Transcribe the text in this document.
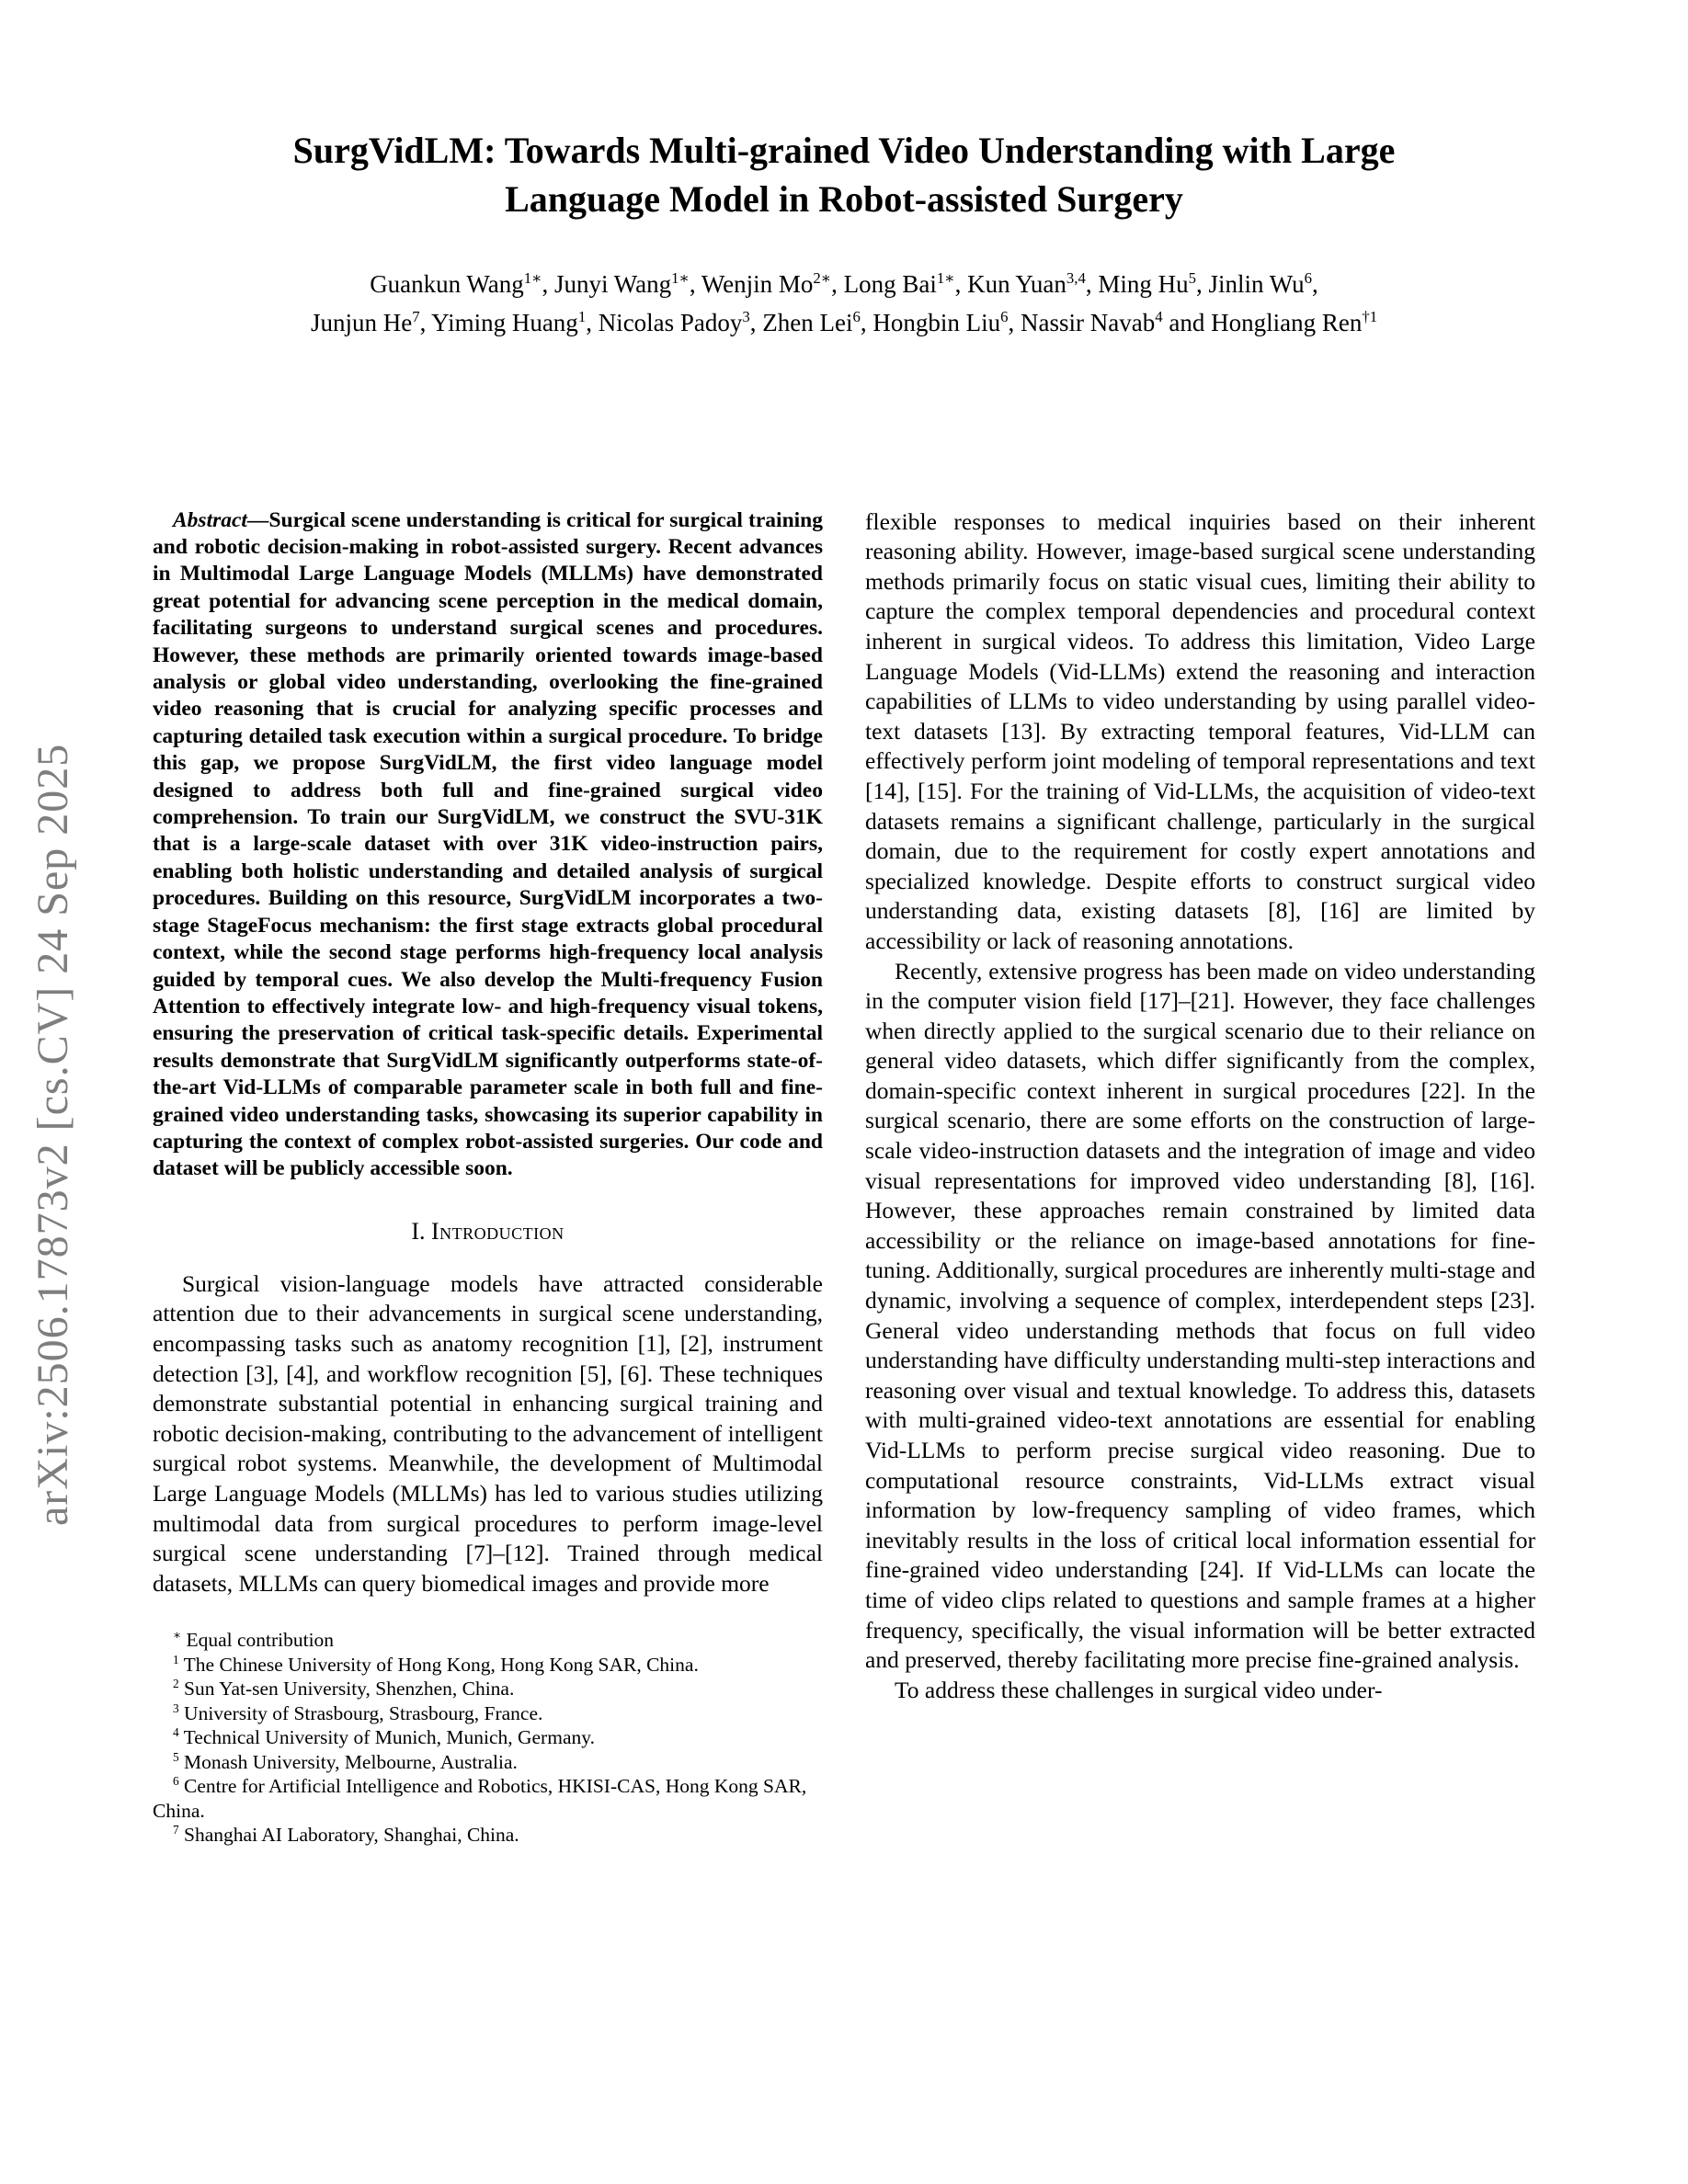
arXiv:2506.17873v2 [cs.CV] 24 Sep 2025
SurgVidLM: Towards Multi-grained Video Understanding with Large Language Model in Robot-assisted Surgery
Guankun Wang$^{1∗}$, Junyi Wang$^{1∗}$, Wenjin $Mo^{2∗}$, Long Bai$^{1∗}$, Kun Yuan$^{3,4}$, Ming Hu$^5$, Jinlin Wu$^6$,
Junjun He$^7$, Yiming Huang$^1$, Nicolas Padoy$^3$, Zhen Lei$^6$, Hongbin Liu$^6$, Nassir Navab$^4$ and Hongliang Ren$^{\dagger 1}$

Abstract—Surgical scene understanding is critical for surgical training and robotic decision-making in robot-assisted surgery. Recent advances in Multimodal Large Language Models (MLLMs) have demonstrated great potential for advancing scene perception in the medical domain, facilitating surgeons to understand surgical scenes and procedures. However, these methods are primarily oriented towards image-based analysis or global video understanding, overlooking the fine-grained video reasoning that is crucial for analyzing specific processes and capturing detailed task execution within a surgical procedure. To bridge this gap, we propose SurgVidLM, the first video language model designed to address both full and fine-grained surgical video comprehension. To train our SurgVidLM, we construct the SVU-31K that is a large-scale dataset with over 31K video-instruction pairs, enabling both holistic understanding and detailed analysis of surgical procedures. Building on this resource, SurgVidLM incorporates a two-stage StageFocus mechanism: the first stage extracts global procedural context, while the second stage performs high-frequency local analysis guided by temporal cues. We also develop the Multi-frequency Fusion Attention to effectively integrate low- and high-frequency visual tokens, ensuring the preservation of critical task-specific details. Experimental results demonstrate that SurgVidLM significantly outperforms state-of-the-art Vid-LLMs of comparable parameter scale in both full and fine-grained video understanding tasks, showcasing its superior capability in capturing the context of complex robot-assisted surgeries. Our code and dataset will be publicly accessible soon.

I. Introduction

Surgical vision-language models have attracted considerable attention due to their advancements in surgical scene understanding, encompassing tasks such as anatomy recognition [1], [2], instrument detection [3], [4], and workflow recognition [5], [6]. These techniques demonstrate substantial potential in enhancing surgical training and robotic decision-making, contributing to the advancement of intelligent surgical robot systems. Meanwhile, the development of Multimodal Large Language Models (MLLMs) has led to various studies utilizing multimodal data from surgical procedures to perform image-level surgical scene understanding [7]–[12]. Trained through medical datasets, MLLMs can query biomedical images and provide more

∗ Equal contribution
$^1$ The Chinese University of Hong Kong, Hong Kong SAR, China.
$^2$ Sun Yat-sen University, Shenzhen, China.
$^3$ University of Strasbourg, Strasbourg, France.
$^4$ Technical University of Munich, Munich, Germany.
$^5$ Monash University, Melbourne, Australia.
$^6$ Centre for Artificial Intelligence and Robotics, HKISI-CAS, Hong Kong SAR, China.
$^7$ Shanghai AI Laboratory, Shanghai, China.

flexible responses to medical inquiries based on their inherent reasoning ability. However, image-based surgical scene understanding methods primarily focus on static visual cues, limiting their ability to capture the complex temporal dependencies and procedural context inherent in surgical videos. To address this limitation, Video Large Language Models (Vid-LLMs) extend the reasoning and interaction capabilities of LLMs to video understanding by using parallel video-text datasets [13]. By extracting temporal features, Vid-LLM can effectively perform joint modeling of temporal representations and text [14], [15]. For the training of Vid-LLMs, the acquisition of video-text datasets remains a significant challenge, particularly in the surgical domain, due to the requirement for costly expert annotations and specialized knowledge. Despite efforts to construct surgical video understanding data, existing datasets [8], [16] are limited by accessibility or lack of reasoning annotations.

Recently, extensive progress has been made on video understanding in the computer vision field [17]–[21]. However, they face challenges when directly applied to the surgical scenario due to their reliance on general video datasets, which differ significantly from the complex, domain-specific context inherent in surgical procedures [22]. In the surgical scenario, there are some efforts on the construction of large-scale video-instruction datasets and the integration of image and video visual representations for improved video understanding [8], [16]. However, these approaches remain constrained by limited data accessibility or the reliance on image-based annotations for fine-tuning. Additionally, surgical procedures are inherently multi-stage and dynamic, involving a sequence of complex, interdependent steps [23]. General video understanding methods that focus on full video understanding have difficulty understanding multi-step interactions and reasoning over visual and textual knowledge. To address this, datasets with multi-grained video-text annotations are essential for enabling Vid-LLMs to perform precise surgical video reasoning. Due to computational resource constraints, Vid-LLMs extract visual information by low-frequency sampling of video frames, which inevitably results in the loss of critical local information essential for fine-grained video understanding [24]. If Vid-LLMs can locate the time of video clips related to questions and sample frames at a higher frequency, specifically, the visual information will be better extracted and preserved, thereby facilitating more precise fine-grained analysis.

To address these challenges in surgical video under-
